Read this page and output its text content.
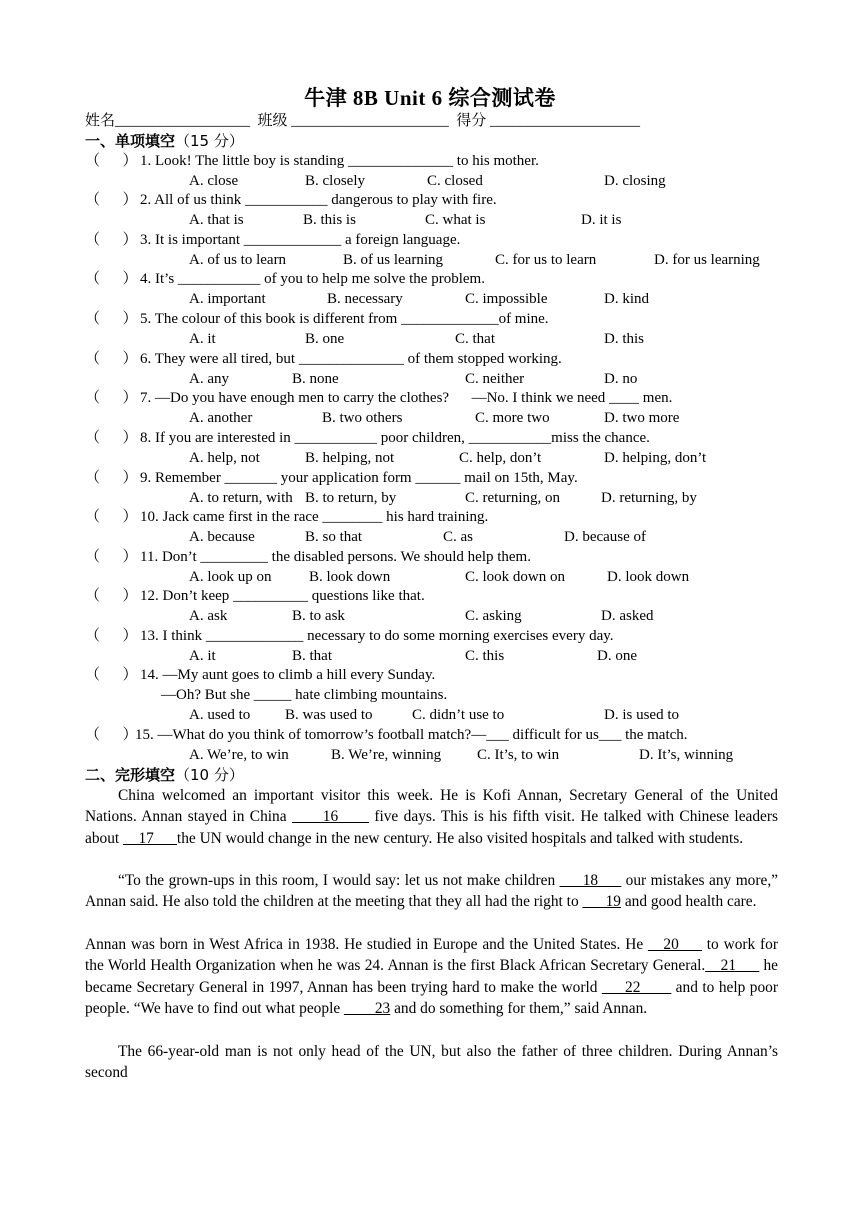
牛津 8B Unit 6 综合测试卷
姓名__________________  班级 _____________________  得分 ____________________
一、单项填空（15 分）
（      ） 1. Look! The little boy is standing ______________ to his mother.
A. close	B. closely	C. closed	D. closing
（      ） 2. All of us think ___________ dangerous to play with fire.
A. that is	B. this is	C. what is	D. it is
（      ） 3. It is important _____________ a foreign language.
A. of us to learn	B. of us learning	C. for us to learn	D. for us learning
（      ） 4. It’s ___________ of you to help me solve the problem.
A. important	B. necessary	C. impossible	D. kind
（      ） 5. The colour of this book is different from _____________of mine.
A. it	B. one	C. that	D. this
（      ） 6. They were all tired, but ______________ of them stopped working.
A. any	B. none	C. neither	D. no
（      ） 7. —Do you have enough men to carry the clothes?      —No. I think we need ____ men.
A. another	B. two others	C. more two	D. two more
（      ） 8. If you are interested in ___________ poor children, ___________miss the chance.
A. help, not	B. helping, not	C. help, don’t	D. helping, don’t
（      ） 9. Remember _______ your application form ______ mail on 15th, May.
A. to return, with B. to return, by	C. returning, on	D. returning, by
（      ） 10. Jack came first in the race ________ his hard training.
A. because	B. so that	C. as	D. because of
（      ） 11. Don’t _________ the disabled persons. We should help them.
A. look up on	B. look down	C. look down on	D. look down
（      ） 12. Don’t keep __________ questions like that.
A. ask	B. to ask	C. asking	D. asked
（      ） 13. I think _____________ necessary to do some morning exercises every day.
A. it	B. that	C. this	D. one
（      ） 14. —My aunt goes to climb a hill every Sunday.
—Oh? But she _____ hate climbing mountains.
A. used to B. was used to	C. didn’t use to	D. is used to
（      ）15. —What do you think of tomorrow’s football match?—___ difficult for us___ the match.
A. We’re, to win	B. We’re, winning C. It’s, to win	D. It’s, winning
二、完形填空（10 分）
China welcomed an important visitor this week. He is Kofi Annan, Secretary General of the United Nations. Annan stayed in China ____16____ five days. This is his fifth visit. He talked with Chinese leaders about __17___the UN would change in the new century. He also visited hospitals and talked with students.
“To the grown-ups in this room, I would say: let us not make children ___18___ our mistakes any more,” Annan said. He also told the children at the meeting that they all had the right to ___19 and good health care.
Annan was born in West Africa in 1938. He studied in Europe and the United States. He __20___ to work for the World Health Organization when he was 24. Annan is the first Black African Secretary General.__21___ he became Secretary General in 1997, Annan has been trying hard to make the world ___22____ and to help poor people. “We have to find out what people ____23 and do something for them,” said Annan.
The 66-year-old man is not only head of the UN, but also the father of three children. During Annan’s second
